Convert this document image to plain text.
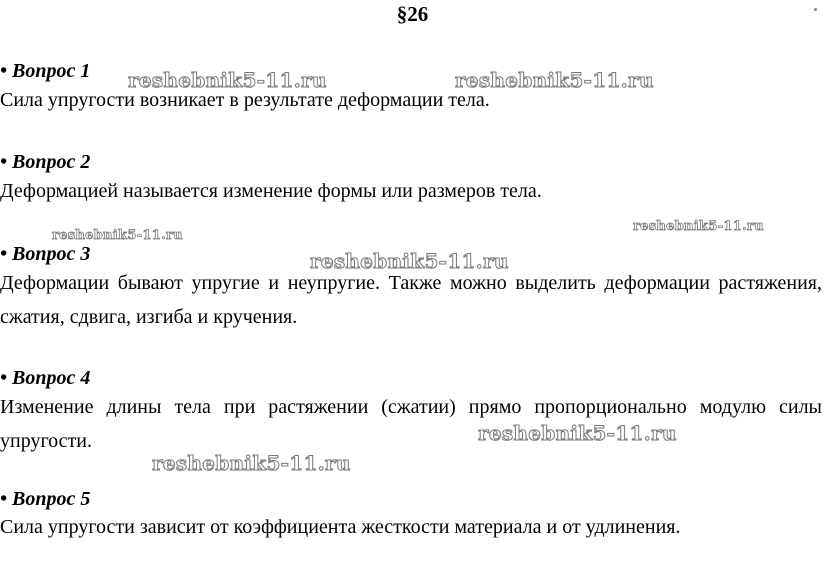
§26
• Вопрос 1
Сила упругости возникает в результате деформации тела.
• Вопрос 2
Деформацией называется изменение формы или размеров тела.
• Вопрос 3
Деформации бывают упругие и неупругие. Также можно выделить деформации растяжения, сжатия, сдвига, изгиба и кручения.
• Вопрос 4
Изменение длины тела при растяжении (сжатии) прямо пропорционально модулю силы упругости.
• Вопрос 5
Сила упругости зависит от коэффициента жесткости материала и от удлинения.
reshebnik5-11.ru	reshebnik5-11.ru
reshebnik5-11.ru
reshebnik5-11.ru
reshebnik5-11.ru
reshebnik5-11.ru
reshebnik5-11.ru
